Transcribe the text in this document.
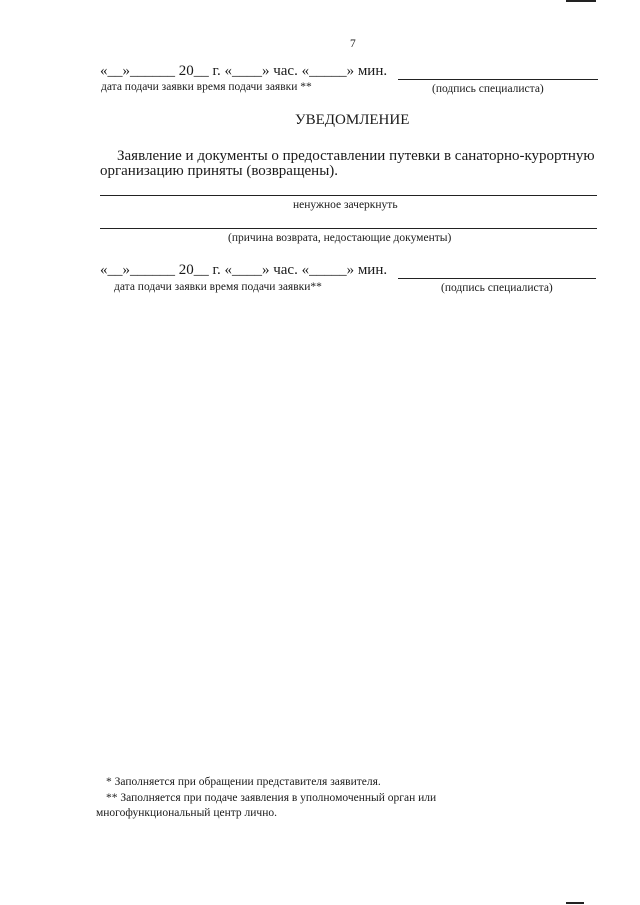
7
«__»______ 20__ г. «____» час. «_____» мин.
дата подачи заявки время подачи заявки **	(подпись специалиста)
УВЕДОМЛЕНИЕ
Заявление и документы о предоставлении путевки в санаторно-курортную
организацию приняты (возвращены).
ненужное зачеркнуть
(причина возврата, недостающие документы)
«__»______ 20__ г. «____» час. «_____» мин.
дата подачи заявки время подачи заявки**	(подпись специалиста)
* Заполняется при обращении представителя заявителя.
** Заполняется при подаче заявления в уполномоченный орган или
многофункциональный центр лично.
